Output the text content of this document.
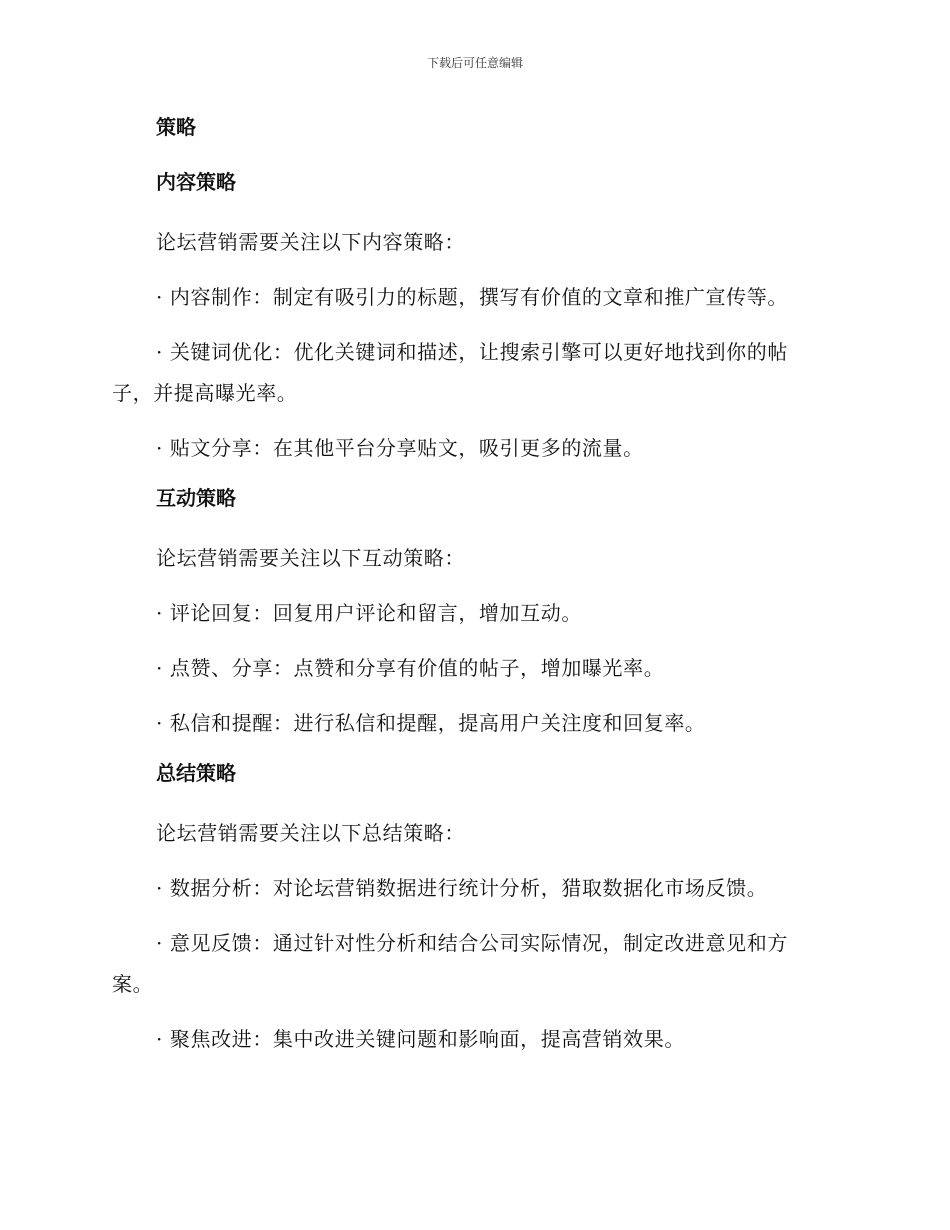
下载后可任意编辑
策略
内容策略
论坛营销需要关注以下内容策略：
· 内容制作：制定有吸引力的标题，撰写有价值的文章和推广宣传等。
· 关键词优化：优化关键词和描述，让搜索引擎可以更好地找到你的帖子，并提高曝光率。
· 贴文分享：在其他平台分享贴文，吸引更多的流量。
互动策略
论坛营销需要关注以下互动策略：
· 评论回复：回复用户评论和留言，增加互动。
· 点赞、分享：点赞和分享有价值的帖子，增加曝光率。
· 私信和提醒：进行私信和提醒，提高用户关注度和回复率。
总结策略
论坛营销需要关注以下总结策略：
· 数据分析：对论坛营销数据进行统计分析，猎取数据化市场反馈。
· 意见反馈：通过针对性分析和结合公司实际情况，制定改进意见和方案。
· 聚焦改进：集中改进关键问题和影响面，提高营销效果。
